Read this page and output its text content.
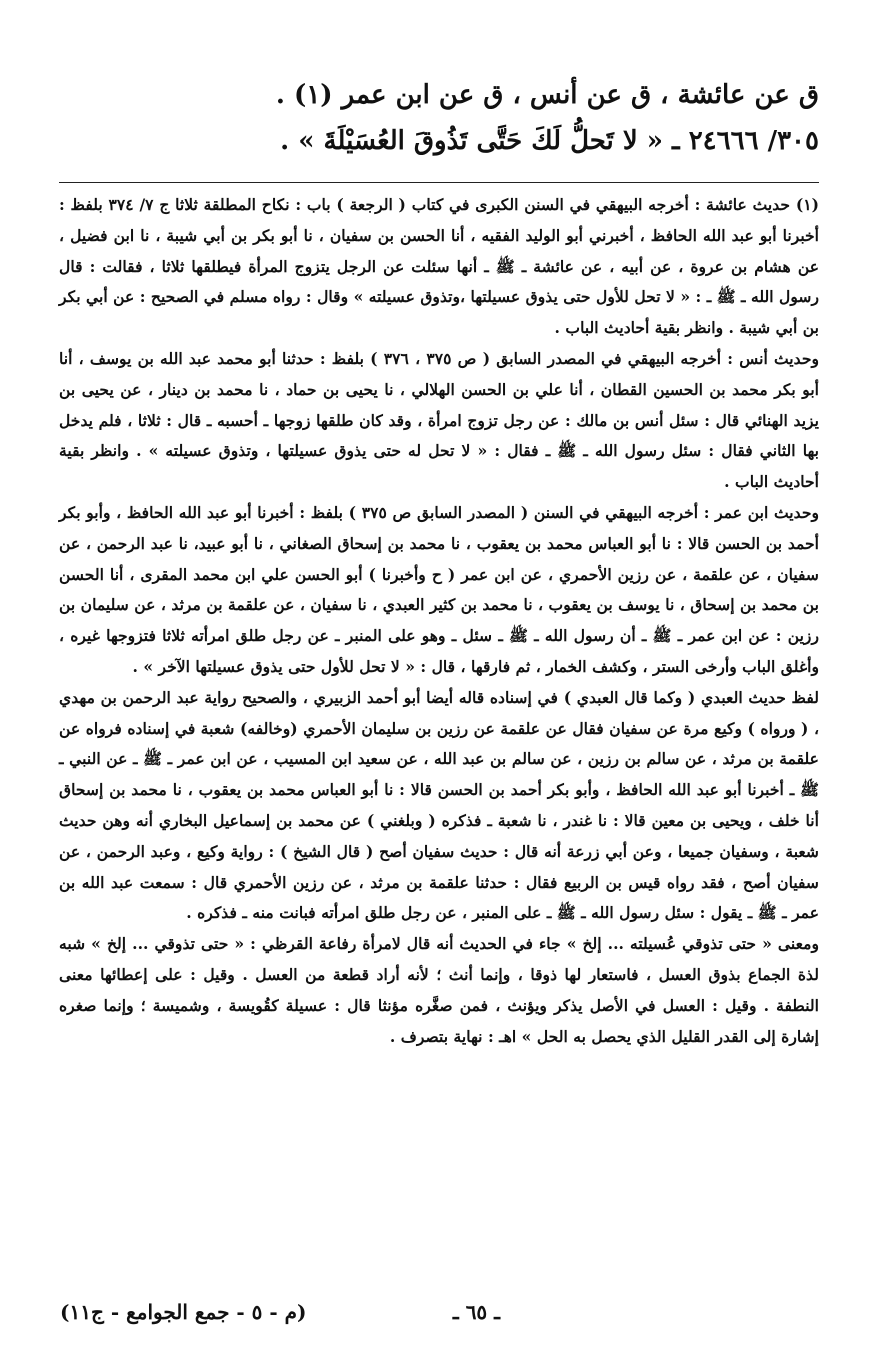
ق عن عائشة ، ق عن أنس ، ق عن ابن عمر (١) .
٣٠٥/ ٢٤٦٦٦ ـ « لا تَحلُّ لَكَ حَتَّى تَذُوقَ العُسَيْلَةَ » .

(١) حديث عائشة : أخرجه البيهقي في السنن الكبرى في كتاب ( الرجعة ) باب : نكاح المطلقة ثلاثا ج ٧/ ٣٧٤ بلفظ : أخبرنا أبو عبد الله الحافظ ، أخبرني أبو الوليد الفقيه ، أنا الحسن بن سفيان ، نا أبو بكر بن أبي شيبة ، نا ابن فضيل ، عن هشام بن عروة ، عن أبيه ، عن عائشة ـ ﷺ ـ أنها سئلت عن الرجل يتزوج المرأة فيطلقها ثلاثا ، فقالت : قال رسول الله ـ ﷺ ـ : « لا تحل للأول حتى يذوق عسيلتها ،وتذوق عسيلته » وقال : رواه مسلم في الصحيح : عن أبي بكر بن أبي شيبة . وانظر بقية أحاديث الباب .

وحديث أنس : أخرجه البيهقي في المصدر السابق ( ص ٣٧٥ ، ٣٧٦ ) بلفظ : حدثنا أبو محمد عبد الله بن يوسف ، أنا أبو بكر محمد بن الحسين القطان ، أنا علي بن الحسن الهلالي ، نا يحيى بن حماد ، نا محمد بن دينار ، عن يحيى بن يزيد الهنائي قال : سئل أنس بن مالك : عن رجل تزوج امرأة ، وقد كان طلقها زوجها ـ أحسبه ـ قال : ثلاثا ، فلم يدخل بها الثاني فقال : سئل رسول الله ـ ﷺ ـ فقال : « لا تحل له حتى يذوق عسيلتها ، وتذوق عسيلته » . وانظر بقية أحاديث الباب .

وحديث ابن عمر : أخرجه البيهقي في السنن ( المصدر السابق ص ٣٧٥ ) بلفظ : أخبرنا أبو عبد الله الحافظ ، وأبو بكر أحمد بن الحسن قالا : نا أبو العباس محمد بن يعقوب ، نا محمد بن إسحاق الصغاني ، نا أبو عبيد، نا عبد الرحمن ، عن سفيان ، عن علقمة ، عن رزين الأحمري ، عن ابن عمر ( ح وأخبرنا ) أبو الحسن علي ابن محمد المقرى ، أنا الحسن بن محمد بن إسحاق ، نا يوسف بن يعقوب ، نا محمد بن كثير العبدي ، نا سفيان ، عن علقمة بن مرثد ، عن سليمان بن رزين : عن ابن عمر ـ ﷺ ـ أن رسول الله ـ ﷺ ـ سئل ـ وهو على المنبر ـ عن رجل طلق امرأته ثلاثا فتزوجها غيره ، وأغلق الباب وأرخى الستر ، وكشف الخمار ، ثم فارقها ، قال : « لا تحل للأول حتى يذوق عسيلتها الآخر » .

لفظ حديث العبدي ( وكما قال العبدي ) في إسناده قاله أيضا أبو أحمد الزبيري ، والصحيح رواية عبد الرحمن بن مهدي ، ( ورواه ) وكيع مرة عن سفيان فقال عن علقمة عن رزين بن سليمان الأحمري (وخالفه) شعبة في إسناده فرواه عن علقمة بن مرثد ، عن سالم بن رزين ، عن سالم بن عبد الله ، عن سعيد ابن المسيب ، عن ابن عمر ـ ﷺ ـ عن النبي ـ ﷺ ـ أخبرنا أبو عبد الله الحافظ ، وأبو بكر أحمد بن الحسن قالا : نا أبو العباس محمد بن يعقوب ، نا محمد بن إسحاق أنا خلف ، ويحيى بن معين قالا : نا غندر ، نا شعبة ـ فذكره ( وبلغني ) عن محمد بن إسماعيل البخاري أنه وهن حديث شعبة ، وسفيان جميعا ، وعن أبي زرعة أنه قال : حديث سفيان أصح ( قال الشيخ ) : رواية وكيع ، وعبد الرحمن ، عن سفيان أصح ، فقد رواه قيس بن الربيع فقال : حدثنا علقمة بن مرثد ، عن رزين الأحمري قال : سمعت عبد الله بن عمر ـ ﷺ ـ يقول : سئل رسول الله ـ ﷺ ـ على المنبر ، عن رجل طلق امرأته فبانت منه ـ فذكره .

ومعنى « حتى تذوقي عُسيلته ... إلخ » جاء في الحديث أنه قال لامرأة رفاعة القرظي : « حتى تذوقي ... إلخ » شبه لذة الجماع بذوق العسل ، فاستعار لها ذوقا ، وإنما أنث ؛ لأنه أراد قطعة من العسل . وقيل : على إعطائها معنى النطفة . وقيل : العسل في الأصل يذكر ويؤنث ، فمن صغَّره مؤنثا قال : عسيلة كقُويسة ، وشميسة ؛ وإنما صغره إشارة إلى القدر القليل الذي يحصل به الحل » اهـ : نهاية بتصرف .

ـ ٦٥ ـ
(م - ٥ - جمع الجوامع - ج١١)
